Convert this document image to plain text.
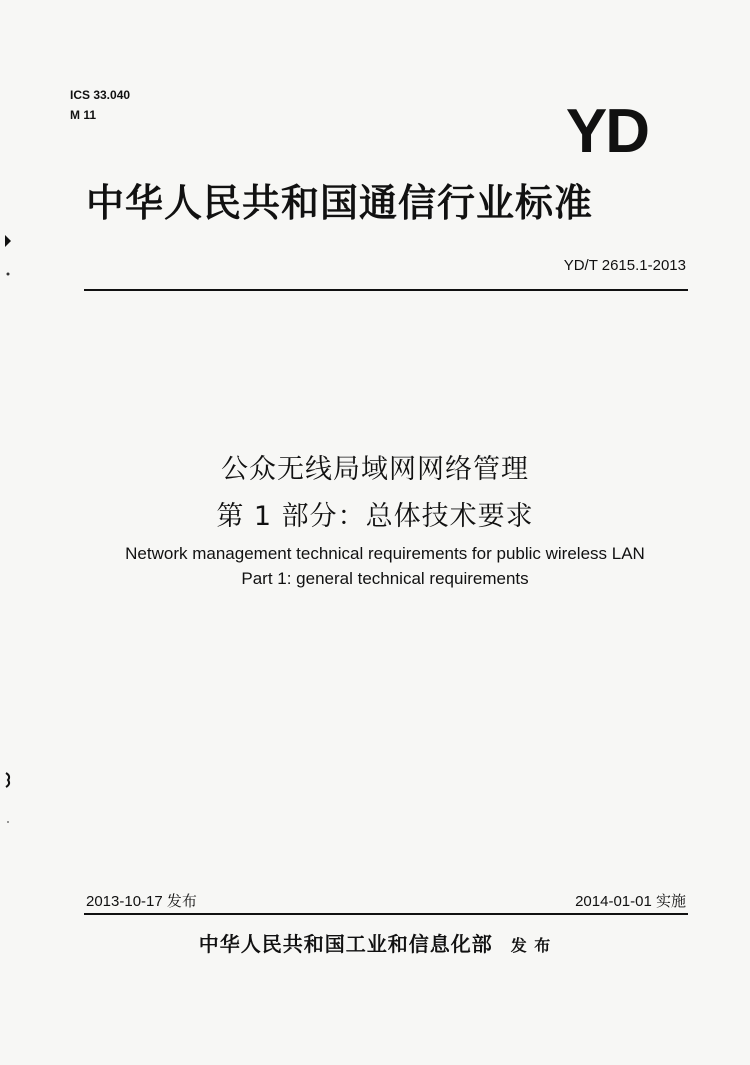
ICS 33.040
M 11	YD
中华人民共和国通信行业标准
YD/T 2615.1-2013
公众无线局域网网络管理
第 1 部分：总体技术要求
Network management technical requirements for public wireless LAN
Part 1: general technical requirements
2013-10-17 发布	2014-01-01 实施
中华人民共和国工业和信息化部 发 布
